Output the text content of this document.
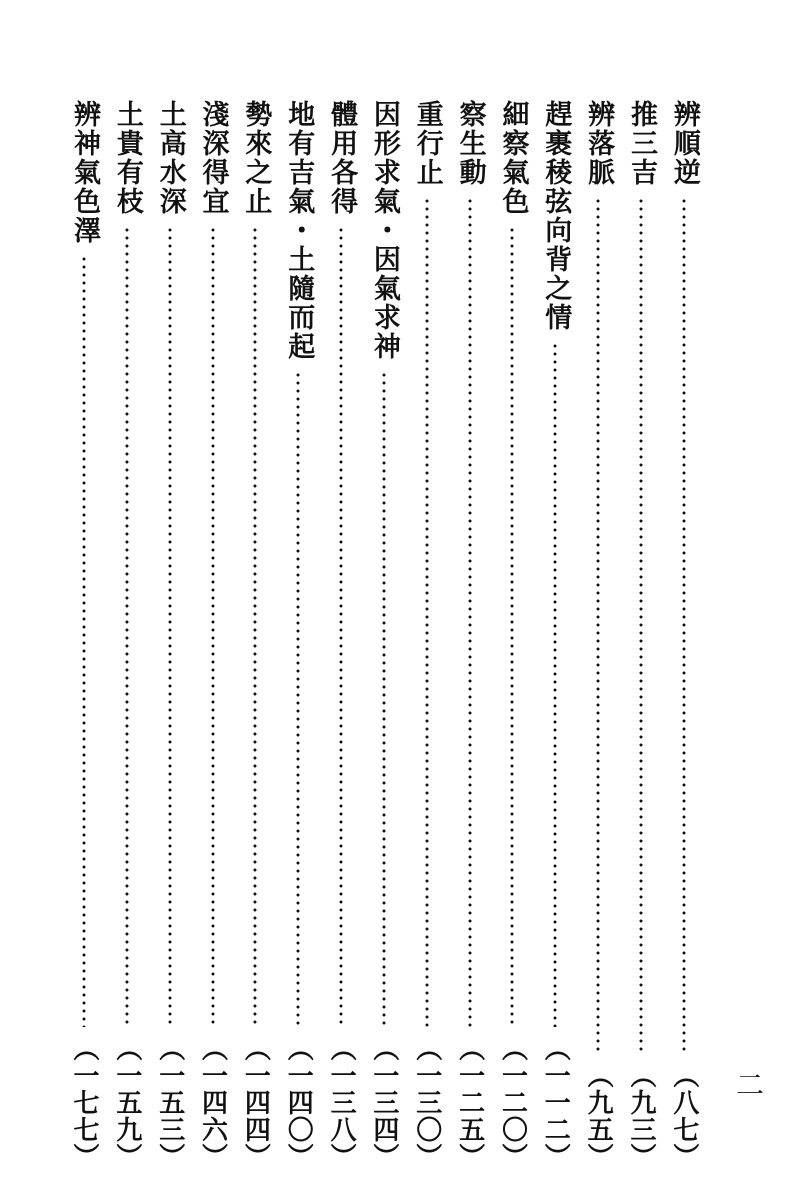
二
辨順逆
（八七）
推三吉
（九三）
辨落脈
（九五）
趕裹稜弦向背之情
（一一二）
細察氣色
（一二〇）
察生動
（一二五）
重行止
（一三〇）
因形求氣・因氣求神
（一三四）
體用各得
（一三八）
地有吉氣・土隨而起
（一四〇）
勢來之止
（一四四）
淺深得宜
（一四六）
土高水深
（一五三）
土貴有枝
（一五九）
辨神氣色澤
（一七七）
